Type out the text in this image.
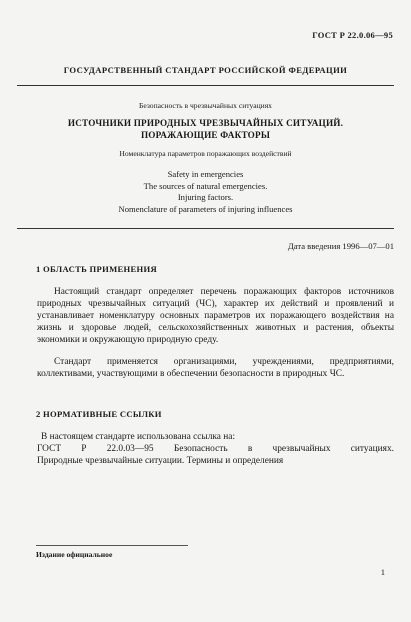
ГОСТ Р 22.0.06—95
ГОСУДАРСТВЕННЫЙ СТАНДАРТ РОССИЙСКОЙ ФЕДЕРАЦИИ
Безопасность в чрезвычайных ситуациях
ИСТОЧНИКИ ПРИРОДНЫХ ЧРЕЗВЫЧАЙНЫХ СИТУАЦИЙ.
ПОРАЖАЮЩИЕ ФАКТОРЫ
Номенклатура параметров поражающих воздействий
Safety in emergencies
The sources of natural emergencies.
Injuring factors.
Nomenclature of parameters of injuring influences
Дата введения 1996—07—01
1 ОБЛАСТЬ ПРИМЕНЕНИЯ
Настоящий стандарт определяет перечень поражающих факторов источников природных чрезвычайных ситуаций (ЧС), характер их действий и проявлений и устанавливает номенклатуру основных параметров их поражающего воздействия на жизнь и здоровье людей, сельскохозяйственных животных и растения, объекты экономики и окружающую природную среду.
Стандарт применяется организациями, учреждениями, предприятиями, коллективами, участвующими в обеспечении безопасности в природных ЧС.
2 НОРМАТИВНЫЕ ССЫЛКИ
В настоящем стандарте использована ссылка на:
ГОСТ Р 22.0.03—95 Безопасность в чрезвычайных ситуациях.
Природные чрезвычайные ситуации. Термины и определения
Издание официальное
1
